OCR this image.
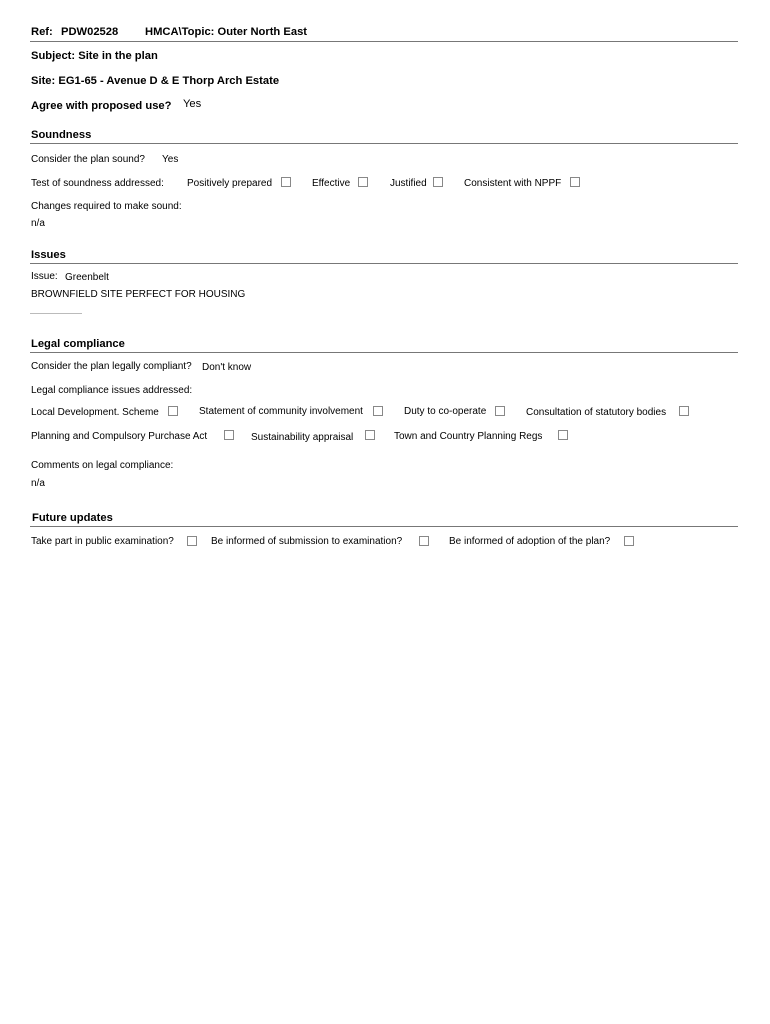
Ref: PDW02528 HMCA\Topic: Outer North East
Subject: Site in the plan
Site: EG1-65 - Avenue D & E Thorp Arch Estate
Agree with proposed use? Yes
Soundness
Consider the plan sound? Yes
Test of soundness addressed: Positively prepared	Effective	Justified	Consistent with NPPF
Changes required to make sound:
n/a
Issues
Issue: Greenbelt
BROWNFIELD SITE PERFECT FOR HOUSING
Legal compliance
Consider the plan legally compliant? Don't know
Legal compliance issues addressed:
Local Development. Scheme	Statement of community involvement	Duty to co-operate	Consultation of statutory bodies
Planning and Compulsory Purchase Act	Sustainability appraisal	Town and Country Planning Regs
Comments on legal compliance:
n/a
Future updates
Take part in public examination?	Be informed of submission to examination?	Be informed of adoption of the plan?
